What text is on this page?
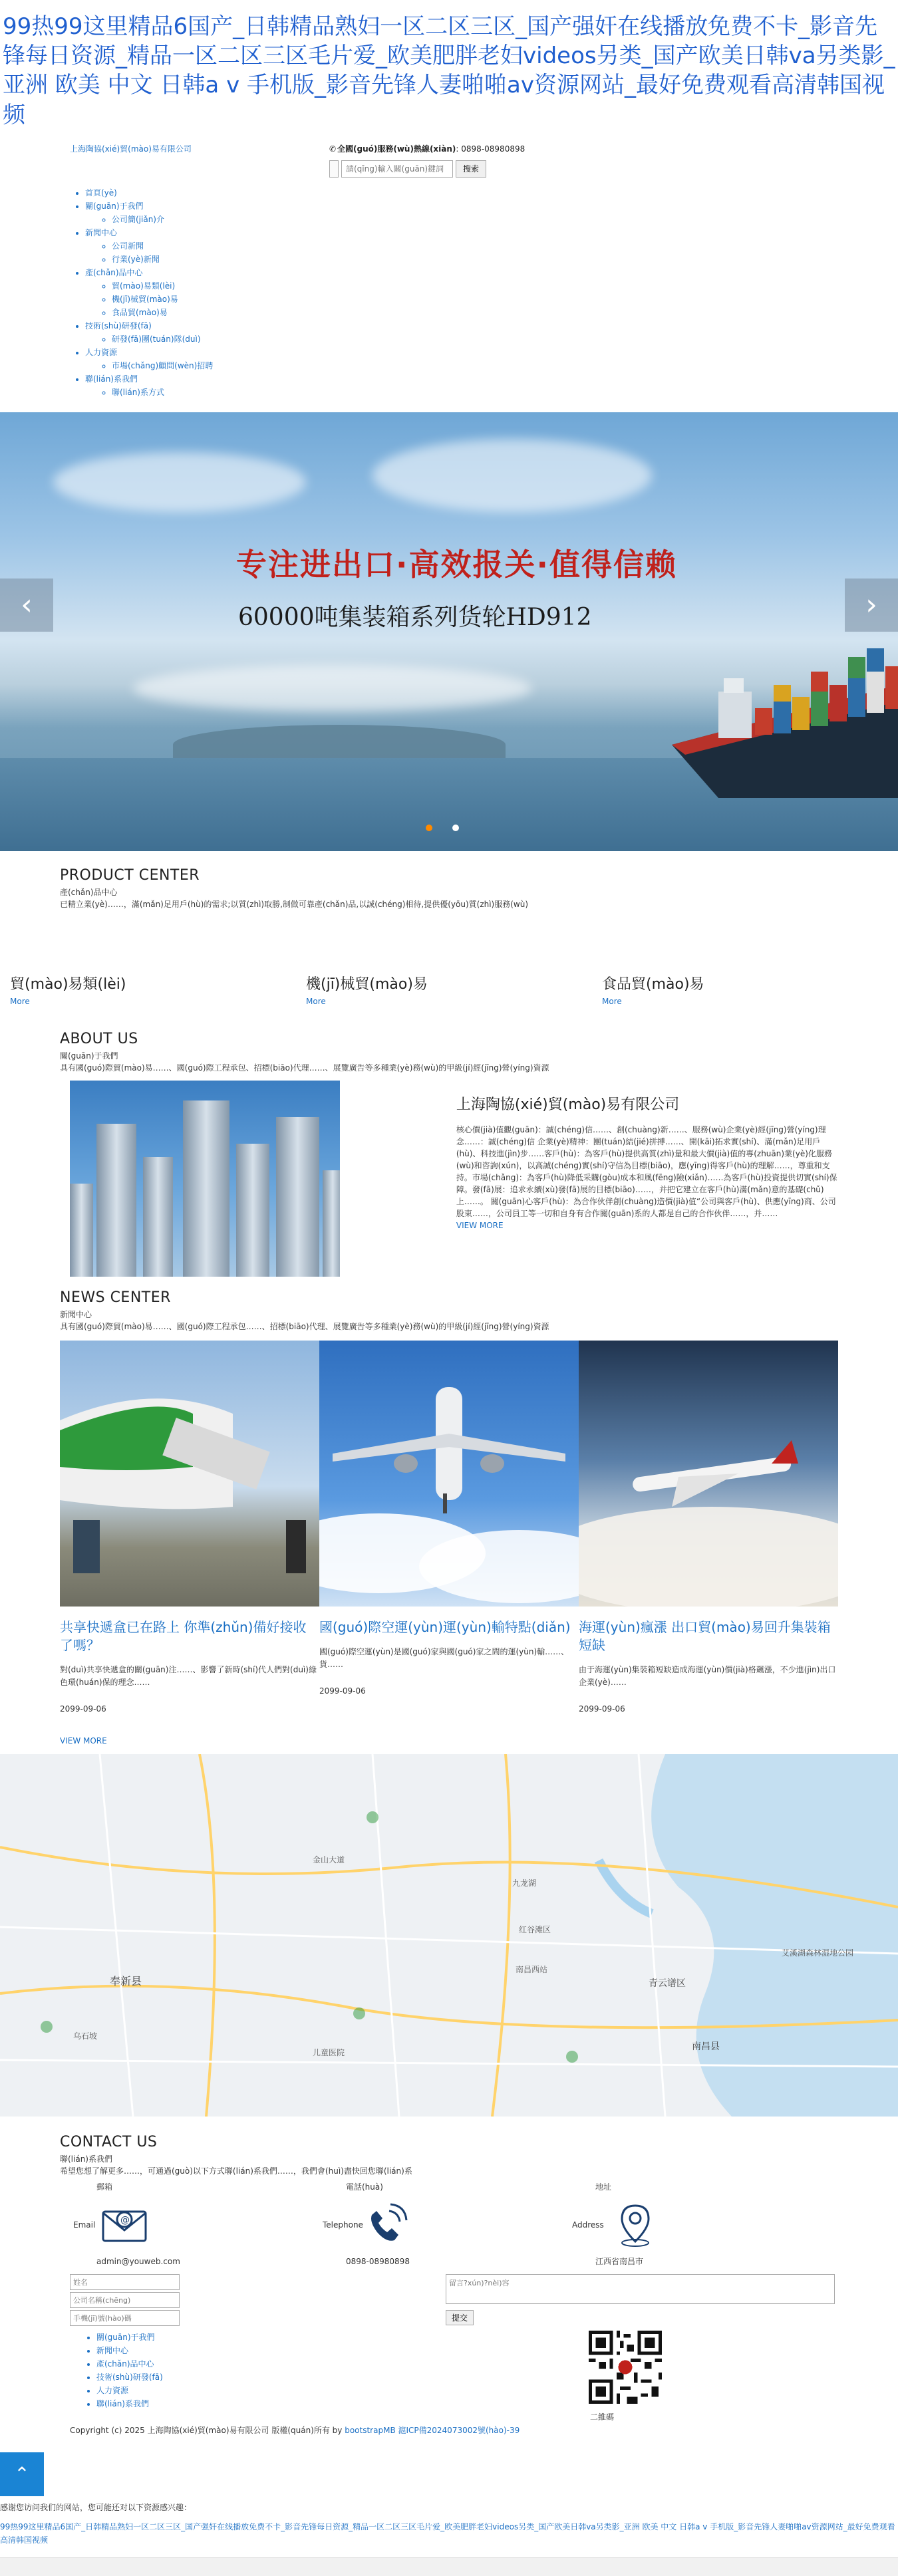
99热99这里精品6国产_日韩精品熟妇一区二区三区_国产强奸在线播放免费不卡_影音先锋每日资源_精品一区二区三区毛片爱_欧美肥胖老妇videos另类_国产欧美日韩va另类影_亚洲 欧美 中文 日韩a v 手机版_影音先锋人妻啪啪av资源网站_最好免费观看高清韩国视频
上海陶協(xié)貿(mào)易有限公司	✆ 全國(guó)服務(wù)熱線(xiàn): 0898-08980898
請(qǐng)輸入關(guān)鍵詞
搜索
• 首頁(yè)
• 關(guān)于我們
◦ 公司簡(jiǎn)介
• 新聞中心
◦ 公司新聞
◦ 行業(yè)新聞
• 產(chǎn)品中心
◦ 貿(mào)易類(lèi)
◦ 機(jī)械貿(mào)易
◦ 食品貿(mào)易
• 技術(shù)研發(fā)
◦ 研發(fā)團(tuán)隊(duì)
• 人力資源
◦ 市場(chǎng)顧問(wèn)招聘
• 聯(lián)系我們
◦ 聯(lián)系方式
专注进出口·高效报关·值得信赖
60000吨集装箱系列货轮HD912
‹	›
PRODUCT CENTER
產(chǎn)品中心
已精立業(yè)……，滿(mǎn)足用戶(hù)的需求;以質(zhì)取勝,制做可靠產(chǎn)品,以誠(chéng)相待,提供優(yōu)質(zhì)服務(wù)
貿(mào)易類(lèi)
More
機(jī)械貿(mào)易
More
食品貿(mào)易
More
ABOUT US
關(guān)于我們
具有國(guó)際貿(mào)易……、國(guó)際工程承包、招標(biāo)代理……、展覽廣告等多種業(yè)務(wù)的甲級(jí)經(jīng)營(yíng)資源
上海陶協(xié)貿(mào)易有限公司

核心價(jià)值觀(guān)：誠(chéng)信……、創(chuàng)新……、服務(wù)企業(yè)經(jīng)營(yíng)理念……：誠(chéng)信 企業(yè)精神：團(tuán)結(jié)拼搏……、開(kāi)拓求實(shí)、滿(mǎn)足用戶(hù)、科技進(jìn)步……客戶(hù)：為客戶(hù)提供高質(zhì)量和最大價(jià)值的專(zhuān)業(yè)化服務(wù)和咨詢(xún)，以高誠(chéng)實(shí)守信為目標(biāo)，應(yīng)得客戶(hù)的理解……，尊重和支持。市場(chǎng)：為客戶(hù)降低采購(gòu)成本和風(fēng)險(xiǎn)……為客戶(hù)投資提供切實(shí)保障。發(fā)展：追求永續(xù)發(fā)展的目標(biāo)……，并把它建立在客戶(hù)滿(mǎn)意的基礎(chǔ)上……。 關(guān)心客戶(hù)：為合作伙伴創(chuàng)造價(jià)值“公司與客戶(hù)、供應(yīng)商、公司股東……，公司員工等一切和自身有合作關(guān)系的人都是自己的合作伙伴……，并……

VIEW MORE
NEWS CENTER
新聞中心
具有國(guó)際貿(mào)易……、國(guó)際工程承包……、招標(biāo)代理、展覽廣告等多種業(yè)務(wù)的甲級(jí)經(jīng)營(yíng)資源
共享快遞盒已在路上 你準(zhǔn)備好接收了嗎？
對(duì)共享快遞盒的關(guān)注……、影響了新時(shí)代人們對(duì)綠色環(huán)保的理念……
2099-09-06
國(guó)際空運(yùn)運(yùn)輸特點(diǎn)
國(guó)際空運(yùn)是國(guó)家與國(guó)家之間的運(yùn)輸……、貨……
2099-09-06
海運(yùn)瘋漲 出口貿(mào)易回升集裝箱短缺
由于海運(yùn)集裝箱短缺造成海運(yùn)價(jià)格飆漲，不少進(jìn)出口企業(yè)……
2099-09-06
VIEW MORE
金山大道
奉新县
乌石坡
南昌西站
艾溪湖森林湿地公园
青云谱区
南昌县
九龙湖
儿童医院
红谷滩区
CONTACT US
聯(lián)系我們
希望您想了解更多……，可通過(guò)以下方式聯(lián)系我們……，我們會(huì)盡快回您聯(lián)系
郵箱
Email	@
admin@youweb.com
電話(huà)
Telephone
0898-08980898
地址
Address
江西省南昌市
姓名
公司名稱(chēng)
手機(jī)號(hào)碼
留言?xún)?nèi)容
提交
• 關(guān)于我們
• 新聞中心
• 產(chǎn)品中心
• 技術(shù)研發(fā)
• 人力資源
• 聯(lián)系我們
二維碼
Copyright (c) 2025 上海陶協(xié)貿(mào)易有限公司 版權(quán)所有 by bootstrapMB 滬ICP備2024073002號(hào)-39
⌃
感谢您访问我们的网站，您可能还对以下资源感兴趣：
99热99这里精品6国产_日韩精品熟妇一区二区三区_国产强奸在线播放免费不卡_影音先锋每日资源_精品一区二区三区毛片爱_欧美肥胖老妇videos另类_国产欧美日韩va另类影_亚洲 欧美 中文 日韩a v 手机版_影音先锋人妻啪啪av资源网站_最好免费观看高清韩国视频
